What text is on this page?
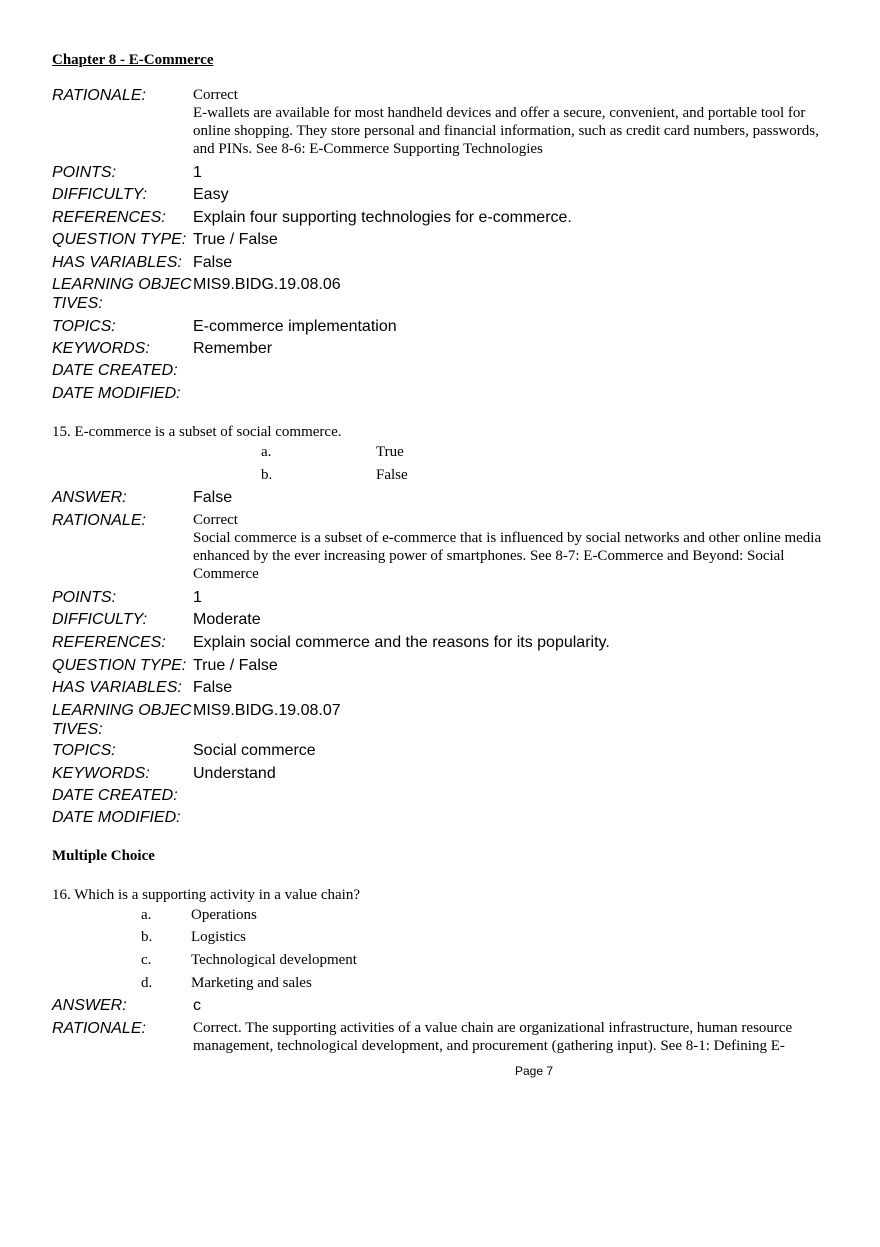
Chapter 8 - E-Commerce
RATIONALE:	Correct
E-wallets are available for most handheld devices and offer a secure, convenient, and portable tool for online shopping. They store personal and financial information, such as credit card numbers, passwords, and PINs. See 8-6: E-Commerce Supporting Technologies
POINTS:	1
DIFFICULTY:	Easy
REFERENCES:	Explain four supporting technologies for e-commerce.
QUESTION TYPE: True / False
HAS VARIABLES: False
LEARNING OBJEC
TIVES:
MIS9.BIDG.19.08.06
TOPICS:	E-commerce implementation
KEYWORDS:	Remember
DATE CREATED:
DATE MODIFIED:
15. E-commerce is a subset of social commerce.
a.	True
b.	False
ANSWER:	False
RATIONALE:	Correct
Social commerce is a subset of e-commerce that is influenced by social networks and other online media enhanced by the ever increasing power of smartphones. See 8-7: E-Commerce and Beyond: Social Commerce
POINTS:	1
DIFFICULTY:	Moderate
REFERENCES:	Explain social commerce and the reasons for its popularity.
QUESTION TYPE: True / False
HAS VARIABLES: False
LEARNING OBJEC
TIVES:
MIS9.BIDG.19.08.07
TOPICS:	Social commerce
KEYWORDS:	Understand
DATE CREATED:
DATE MODIFIED:
Multiple Choice
16. Which is a supporting activity in a value chain?
a.	Operations
b.	Logistics
c.	Technological development
d.	Marketing and sales
ANSWER:	c
RATIONALE:	Correct. The supporting activities of a value chain are organizational infrastructure, human resource management, technological development, and procurement (gathering input). See 8-1: Defining E-
Page 7
